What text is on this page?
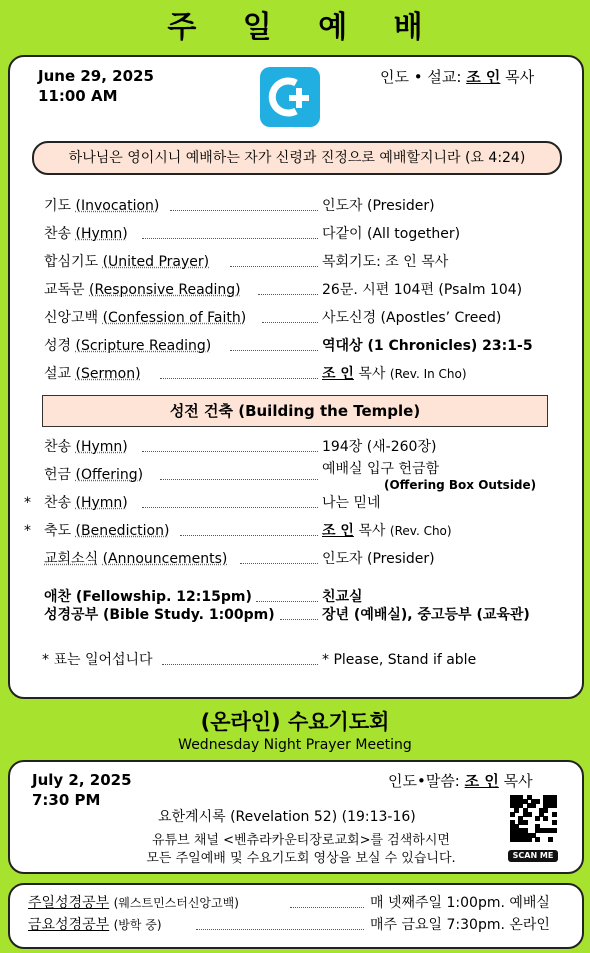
주 일 예 배
June 29, 2025
11:00 AM
인도 • 설교: 조 인 목사
하나님은 영이시니 예배하는 자가 신령과 진정으로 예배할지니라 (요 4:24)
기도 (Invocation)	인도자 (Presider)
찬송 (Hymn)	다같이 (All together)
합심기도 (United Prayer)	목회기도: 조 인 목사
교독문 (Responsive Reading)	26문. 시편 104편 (Psalm 104)
신앙고백 (Confession of Faith)	사도신경 (Apostles’ Creed)
성경 (Scripture Reading)	역대상 (1 Chronicles) 23:1-5
설교 (Sermon)	조 인 목사 (Rev. In Cho)
성전 건축 (Building the Temple)
찬송 (Hymn)	194장 (새-260장)
헌금 (Offering)	예배실 입구 헌금함
(Offering Box Outside)
* 찬송 (Hymn)	나는 믿네
* 축도 (Benediction)	조 인 목사 (Rev. Cho)
교회소식 (Announcements)	인도자 (Presider)
애찬 (Fellowship. 12:15pm)	친교실
성경공부 (Bible Study. 1:00pm)	장년 (예배실), 중고등부 (교육관)
* 표는 일어섭니다	* Please, Stand if able
(온라인) 수요기도회
Wednesday Night Prayer Meeting
July 2, 2025
7:30 PM
인도•말씀: 조 인 목사
요한계시록 (Revelation 52) (19:13-16)
유튜브 채널 <벤츄라카운티장로교회>를 검색하시면
모든 주일예배 및 수요기도회 영상을 보실 수 있습니다.	SCAN ME
주일성경공부 (웨스트민스터신앙고백)	매 넷째주일 1:00pm. 예배실
금요성경공부 (방학 중)	매주 금요일 7:30pm. 온라인
